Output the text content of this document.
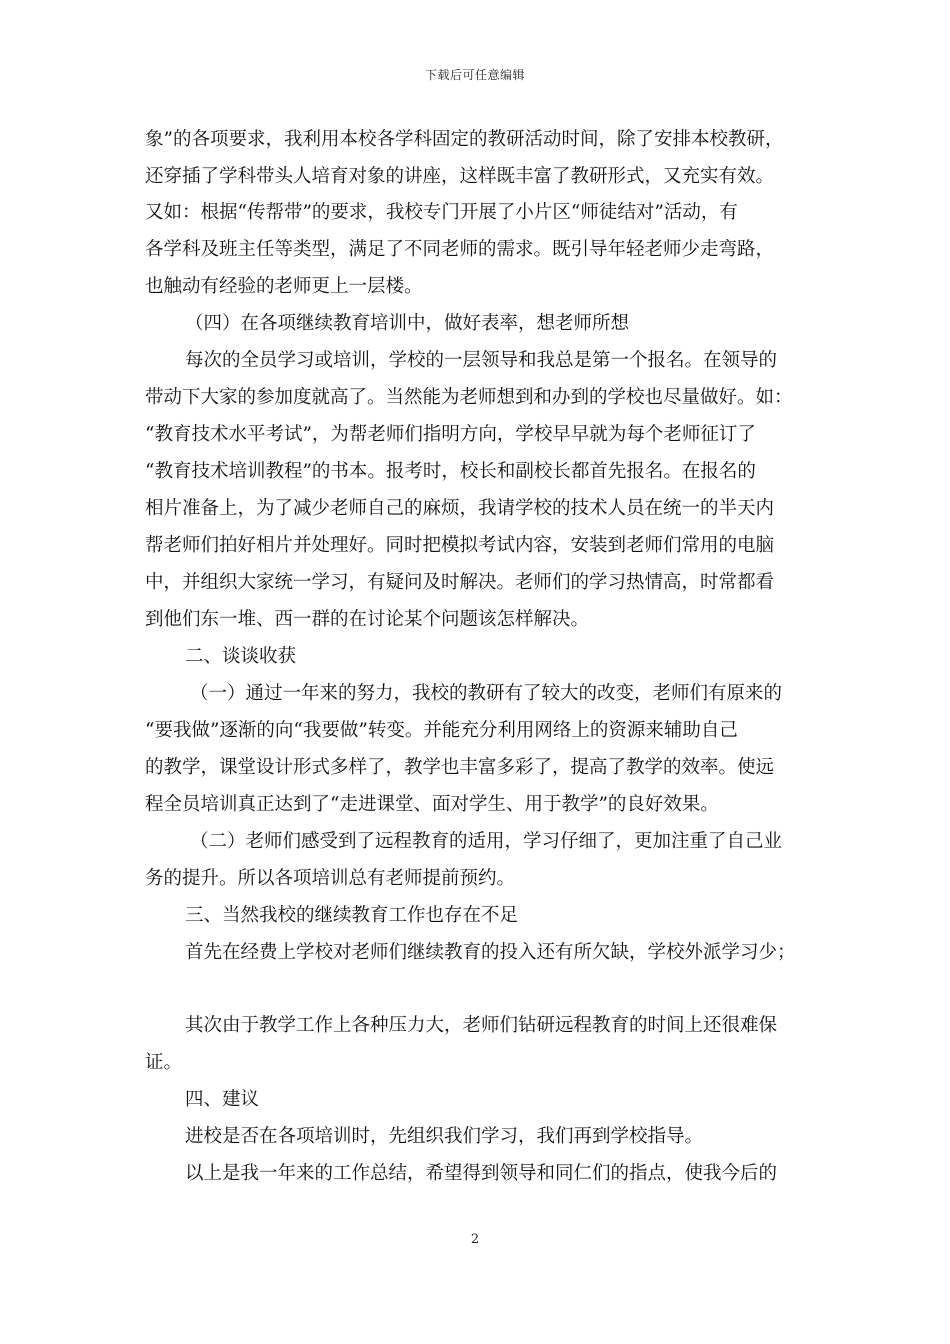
下载后可任意编辑
象”的各项要求，我利用本校各学科固定的教研活动时间，除了安排本校教研，
还穿插了学科带头人培育对象的讲座，这样既丰富了教研形式，又充实有效。
又如：根据“传帮带”的要求，我校专门开展了小片区“师徒结对”活动，有
各学科及班主任等类型，满足了不同老师的需求。既引导年轻老师少走弯路，
也触动有经验的老师更上一层楼。
（四）在各项继续教育培训中，做好表率，想老师所想
每次的全员学习或培训，学校的一层领导和我总是第一个报名。在领导的
带动下大家的参加度就高了。当然能为老师想到和办到的学校也尽量做好。如：
“教育技术水平考试”，为帮老师们指明方向，学校早早就为每个老师征订了
“教育技术培训教程”的书本。报考时，校长和副校长都首先报名。在报名的
相片准备上，为了减少老师自己的麻烦，我请学校的技术人员在统一的半天内
帮老师们拍好相片并处理好。同时把模拟考试内容，安装到老师们常用的电脑
中，并组织大家统一学习，有疑问及时解决。老师们的学习热情高，时常都看
到他们东一堆、西一群的在讨论某个问题该怎样解决。
二、谈谈收获
（一）通过一年来的努力，我校的教研有了较大的改变，老师们有原来的
“要我做”逐渐的向“我要做”转变。并能充分利用网络上的资源来辅助自己
的教学，课堂设计形式多样了，教学也丰富多彩了，提高了教学的效率。使远
程全员培训真正达到了“走进课堂、面对学生、用于教学”的良好效果。
（二）老师们感受到了远程教育的适用，学习仔细了，更加注重了自己业
务的提升。所以各项培训总有老师提前预约。
三、当然我校的继续教育工作也存在不足
首先在经费上学校对老师们继续教育的投入还有所欠缺，学校外派学习少；
其次由于教学工作上各种压力大，老师们钻研远程教育的时间上还很难保
证。
四、建议
进校是否在各项培训时，先组织我们学习，我们再到学校指导。
以上是我一年来的工作总结，希望得到领导和同仁们的指点，使我今后的
2
